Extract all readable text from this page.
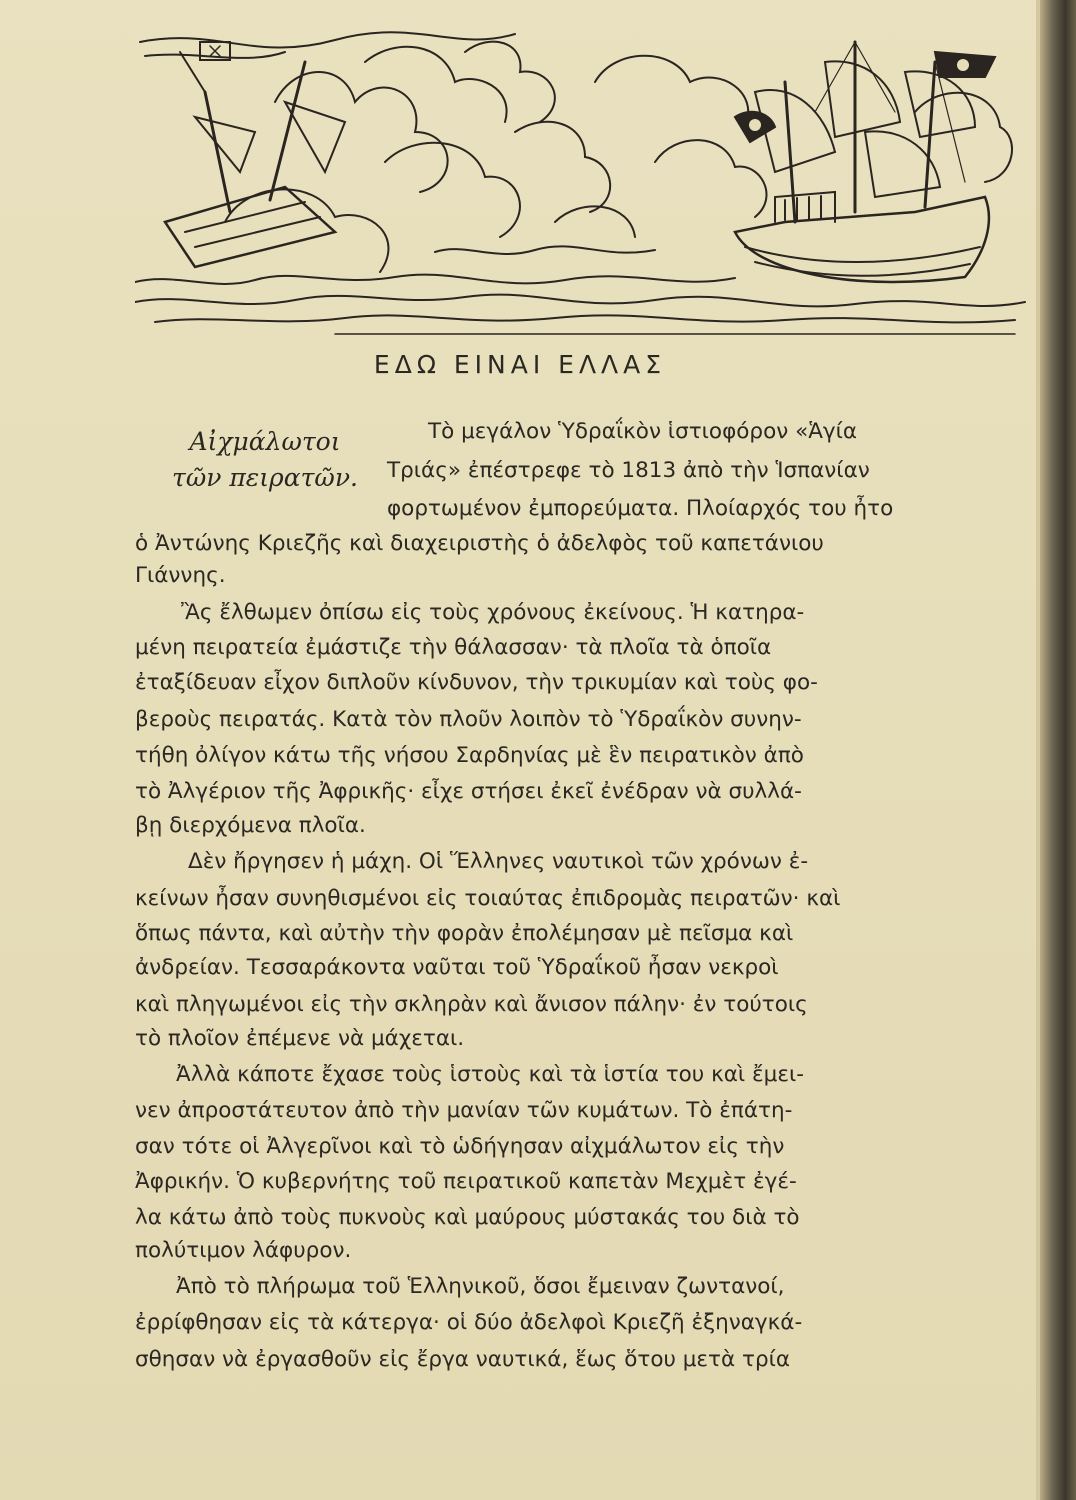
ΕΔΩ ΕΙΝΑΙ ΕΛΛΑΣ
Αἰχμάλωτοι
τῶν πειρατῶν.
Τὸ μεγάλον Ὑδραΐκὸν ἱστιοφόρον «Ἁγία
Τριάς» ἐπέστρεφε τὸ 1813 ἀπὸ τὴν Ἱσπανίαν
φορτωμένον ἐμπορεύματα. Πλοίαρχός του ἦτο
ὁ Ἀντώνης Κριεζῆς καὶ διαχειριστὴς ὁ ἀδελφὸς τοῦ καπετάνιου
Γιάννης.
Ἂς ἔλθωμεν ὀπίσω εἰς τοὺς χρόνους ἐκείνους. Ἡ κατηρα-
μένη πειρατεία ἐμάστιζε τὴν θάλασσαν· τὰ πλοῖα τὰ ὁποῖα
ἐταξίδευαν εἶχον διπλοῦν κίνδυνον, τὴν τρικυμίαν καὶ τοὺς φο-
βεροὺς πειρατάς. Κατὰ τὸν πλοῦν λοιπὸν τὸ Ὑδραΐκὸν συνην-
τήθη ὀλίγον κάτω τῆς νήσου Σαρδηνίας μὲ ἓν πειρατικὸν ἀπὸ
τὸ Ἀλγέριον τῆς Ἀφρικῆς· εἶχε στήσει ἐκεῖ ἐνέδραν νὰ συλλά-
βῃ διερχόμενα πλοῖα.
Δὲν ἤργησεν ἡ μάχη. Οἱ Ἕλληνες ναυτικοὶ τῶν χρόνων ἐ-
κείνων ἦσαν συνηθισμένοι εἰς τοιαύτας ἐπιδρομὰς πειρατῶν· καὶ
ὅπως πάντα, καὶ αὐτὴν τὴν φορὰν ἐπολέμησαν μὲ πεῖσμα καὶ
ἀνδρείαν. Τεσσαράκοντα ναῦται τοῦ Ὑδραΐκοῦ ἦσαν νεκροὶ
καὶ πληγωμένοι εἰς τὴν σκληρὰν καὶ ἄνισον πάλην· ἐν τούτοις
τὸ πλοῖον ἐπέμενε νὰ μάχεται.
Ἀλλὰ κάποτε ἔχασε τοὺς ἱστοὺς καὶ τὰ ἱστία του καὶ ἔμει-
νεν ἀπροστάτευτον ἀπὸ τὴν μανίαν τῶν κυμάτων. Τὸ ἐπάτη-
σαν τότε οἱ Ἀλγερῖνοι καὶ τὸ ὡδήγησαν αἰχμάλωτον εἰς τὴν
Ἀφρικήν. Ὁ κυβερνήτης τοῦ πειρατικοῦ καπετὰν Μεχμὲτ ἐγέ-
λα κάτω ἀπὸ τοὺς πυκνοὺς καὶ μαύρους μύστακάς του διὰ τὸ
πολύτιμον λάφυρον.
Ἀπὸ τὸ πλήρωμα τοῦ Ἑλληνικοῦ, ὅσοι ἔμειναν ζωντανοί,
ἐρρίφθησαν εἰς τὰ κάτεργα· οἱ δύο ἀδελφοὶ Κριεζῆ ἐξηναγκά-
σθησαν νὰ ἐργασθοῦν εἰς ἔργα ναυτικά, ἕως ὅτου μετὰ τρία
